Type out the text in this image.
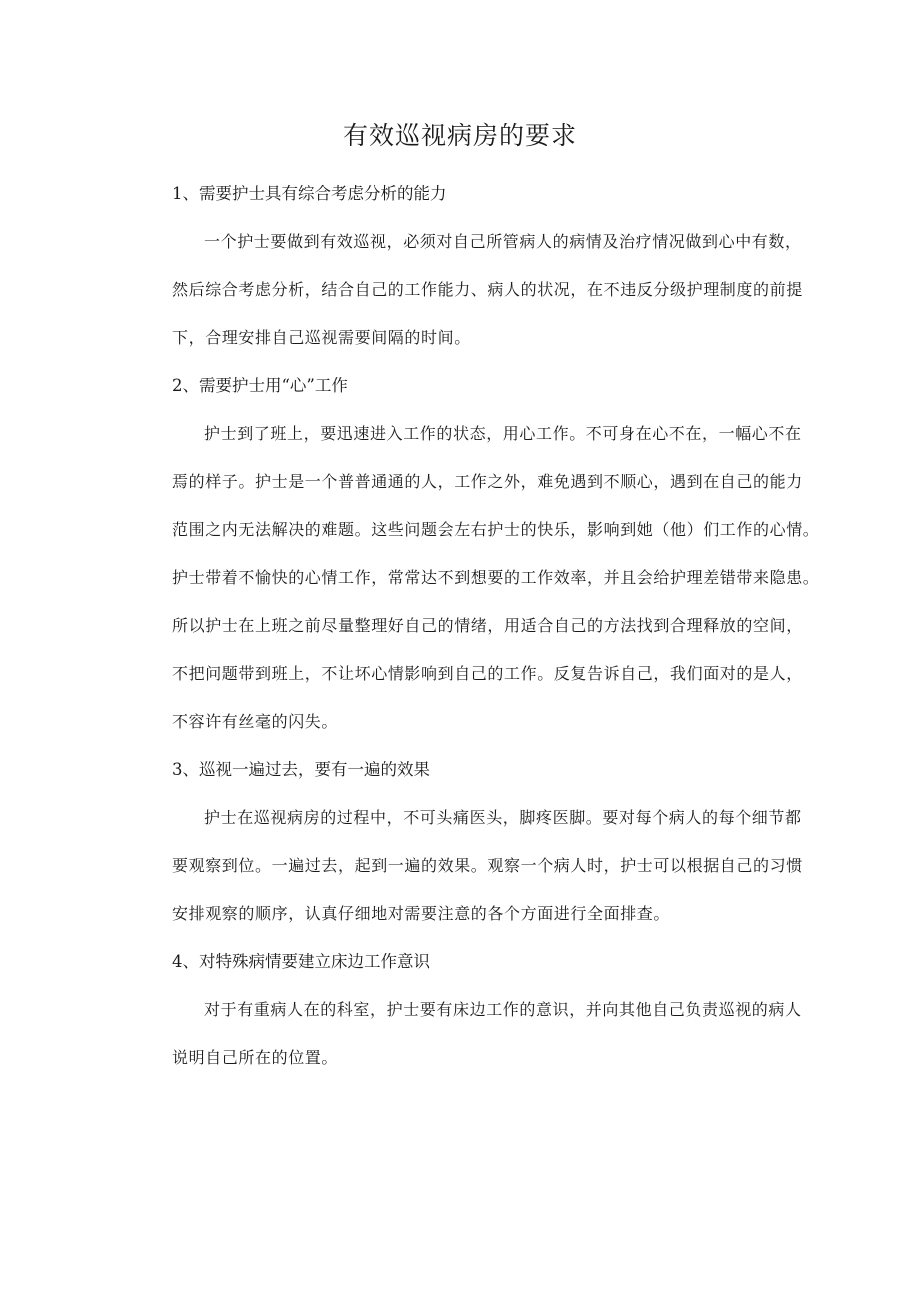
有效巡视病房的要求

1、需要护士具有综合考虑分析的能力

一个护士要做到有效巡视，必须对自己所管病人的病情及治疗情况做到心中有数，
然后综合考虑分析，结合自己的工作能力、病人的状况，在不违反分级护理制度的前提
下，合理安排自己巡视需要间隔的时间。

2、需要护士用“心”工作

护士到了班上，要迅速进入工作的状态，用心工作。不可身在心不在，一幅心不在
焉的样子。护士是一个普普通通的人，工作之外，难免遇到不顺心，遇到在自己的能力
范围之内无法解决的难题。这些问题会左右护士的快乐，影响到她（他）们工作的心情。
护士带着不愉快的心情工作，常常达不到想要的工作效率，并且会给护理差错带来隐患。
所以护士在上班之前尽量整理好自己的情绪，用适合自己的方法找到合理释放的空间，
不把问题带到班上，不让坏心情影响到自己的工作。反复告诉自己，我们面对的是人，
不容许有丝毫的闪失。

3、巡视一遍过去，要有一遍的效果

护士在巡视病房的过程中，不可头痛医头，脚疼医脚。要对每个病人的每个细节都
要观察到位。一遍过去，起到一遍的效果。观察一个病人时，护士可以根据自己的习惯
安排观察的顺序，认真仔细地对需要注意的各个方面进行全面排查。

4、对特殊病情要建立床边工作意识

对于有重病人在的科室，护士要有床边工作的意识，并向其他自己负责巡视的病人
说明自己所在的位置。
